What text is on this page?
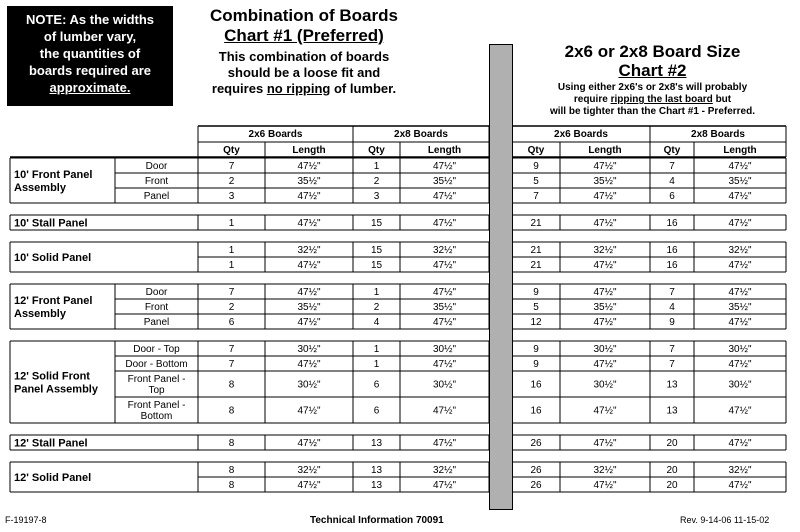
NOTE: As the widths
of lumber vary,
the quantities of
boards required are
approximate.
Combination of Boards
Chart #1 (Preferred)
This combination of boards
should be a loose fit and
requires no ripping of lumber.
2x6 or 2x8 Board Size
Chart #2
Using either 2x6's or 2x8's will probably
require ripping the last board but
will be tighter than the Chart #1 - Preferred.
2x6 Boards
Qty	Length
2x8 Boards
Qty	Length
2x6 Boards
Qty	Length
2x8 Boards
Qty	Length
10' Front Panel
Assembly
Door	7	47½"	1	47½"	9	47½"	7	47½"
Front	2	35½"	2	35½"	5	35½"	4	35½"
Panel	3	47½"	3	47½"	7	47½"	6	47½"
10' Stall Panel	1	47½"	15	47½"	21	47½"	16	47½"
10' Solid Panel
1	32½"	15	32½"	21	32½"	16	32½"
1	47½"	15	47½"	21	47½"	16	47½"
12' Front Panel
Assembly
Door	7	47½"	1	47½"	9	47½"	7	47½"
Front	2	35½"	2	35½"	5	35½"	4	35½"
Panel	6	47½"	4	47½"	12	47½"	9	47½"
12' Solid Front
Panel Assembly
Door - Top	7	30½"	1	30½"	9	30½"	7	30½"
Door - Bottom	7	47½"	1	47½"	9	47½"	7	47½"
Front Panel -
Top	8	30½"	6	30½"	16	30½"	13	30½"
Front Panel -
Bottom	8	47½"	6	47½"	16	47½"	13	47½"
12' Stall Panel	8	47½"	13	47½"	26	47½"	20	47½"
12' Solid Panel
8	32½"	13	32½"	26	32½"	20	32½"
8	47½"	13	47½"	26	47½"	20	47½"
F-19197-8	Technical Information 70091	Rev. 9-14-06 11-15-02
